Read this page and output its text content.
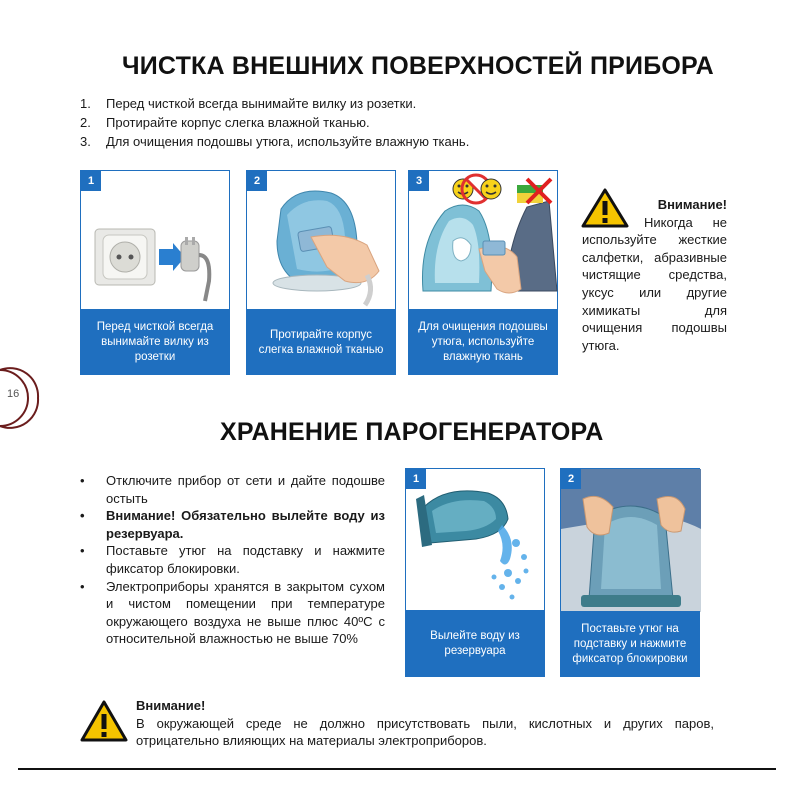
ЧИСТКА ВНЕШНИХ ПОВЕРХНОСТЕЙ ПРИБОРА
1. Перед чисткой всегда вынимайте вилку из розетки.
2. Протирайте корпус слегка влажной тканью.
3. Для очищения подошвы утюга, используйте влажную ткань.
1
Перед чисткой всегда вынимайте вилку из розетки
2
Протирайте корпус слегка влажной тканью
3
Для очищения подошвы утюга, используйте влажную ткань
Внимание!
Никогда не используйте жесткие салфетки, абразивные чистящие средства, уксус или другие химикаты для очищения подошвы утюга.
16
ХРАНЕНИЕ ПАРОГЕНЕРАТОРА
• Отключите прибор от сети и дайте подошве остыть
• Внимание! Обязательно вылейте воду из резервуара.
• Поставьте утюг на подставку и нажмите фиксатор блокировки.
• Электроприборы хранятся в закрытом сухом и чистом помещении при температуре окружающего воздуха не выше плюс 40ºС с относительной влажностью не выше 70%
1
Вылейте воду из резервуара
2
Поставьте утюг на подставку и нажмите фиксатор блокировки
Внимание!
В окружающей среде не должно присутствовать пыли, кислотных и других паров, отрицательно влияющих на материалы электроприборов.
